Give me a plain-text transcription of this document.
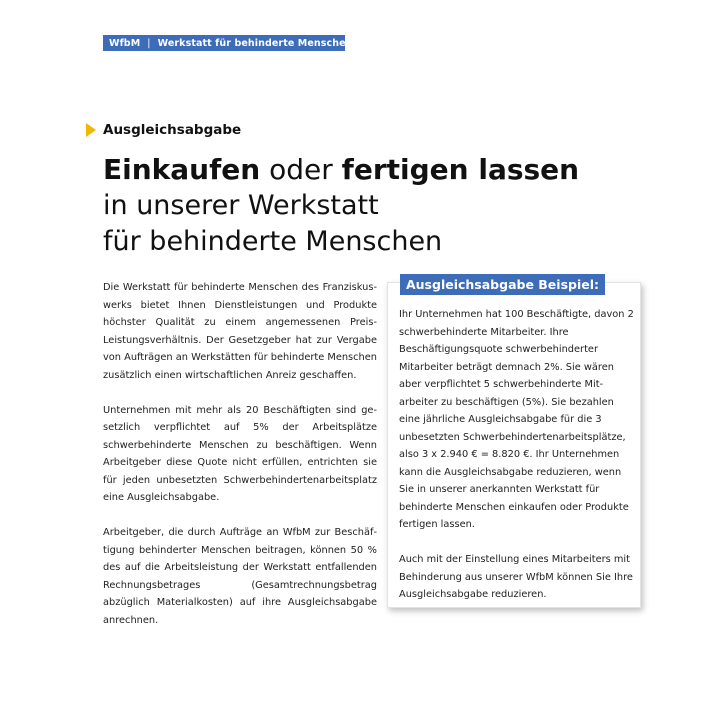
WfbM | Werkstatt für behinderte Menschen
Ausgleichsabgabe
Einkaufen oder fertigen lassen
in unserer Werkstatt
für behinderte Menschen

Die Werkstatt für behinderte Menschen des Franziskuswerks bietet Ihnen Dienstleistungen und Produkte höchster Qualität zu einem angemessenen Preis-Leistungsverhältnis. Der Gesetzgeber hat zur Vergabe von Aufträgen an Werkstätten für behinderte Menschen zusätzlich einen wirtschaftlichen Anreiz geschaffen.

Unternehmen mit mehr als 20 Beschäftigten sind gesetzlich verpflichtet auf 5% der Arbeitsplätze schwerbehinderte Menschen zu beschäftigen. Wenn Arbeitgeber diese Quote nicht erfüllen, entrichten sie für jeden unbesetzten Schwerbehindertenarbeitsplatz eine Ausgleichsabgabe.

Arbeitgeber, die durch Aufträge an WfbM zur Beschäftigung behinderter Menschen beitragen, können 50 % des auf die Arbeitsleistung der Werkstatt entfallenden Rechnungsbetrages (Gesamtrechnungsbetrag abzüglich Materialkosten) auf ihre Ausgleichsabgabe anrechnen.

Ausgleichsabgabe Beispiel:

Ihr Unternehmen hat 100 Beschäftigte, davon 2 schwerbehinderte Mitarbeiter. Ihre Beschäftigungsquote schwerbehinderter Mitarbeiter beträgt demnach 2%. Sie wären aber verpflichtet 5 schwerbehinderte Mitarbeiter zu beschäftigen (5%). Sie bezahlen eine jährliche Ausgleichsabgabe für die 3 unbesetzten Schwerbehindertenarbeitsplätze, also 3 x 2.940 € = 8.820 €. Ihr Unternehmen kann die Ausgleichsabgabe reduzieren, wenn Sie in unserer anerkannten Werkstatt für behinderte Menschen einkaufen oder Produkte fertigen lassen.

Auch mit der Einstellung eines Mitarbeiters mit Behinderung aus unserer WfbM können Sie Ihre Ausgleichsabgabe reduzieren.
